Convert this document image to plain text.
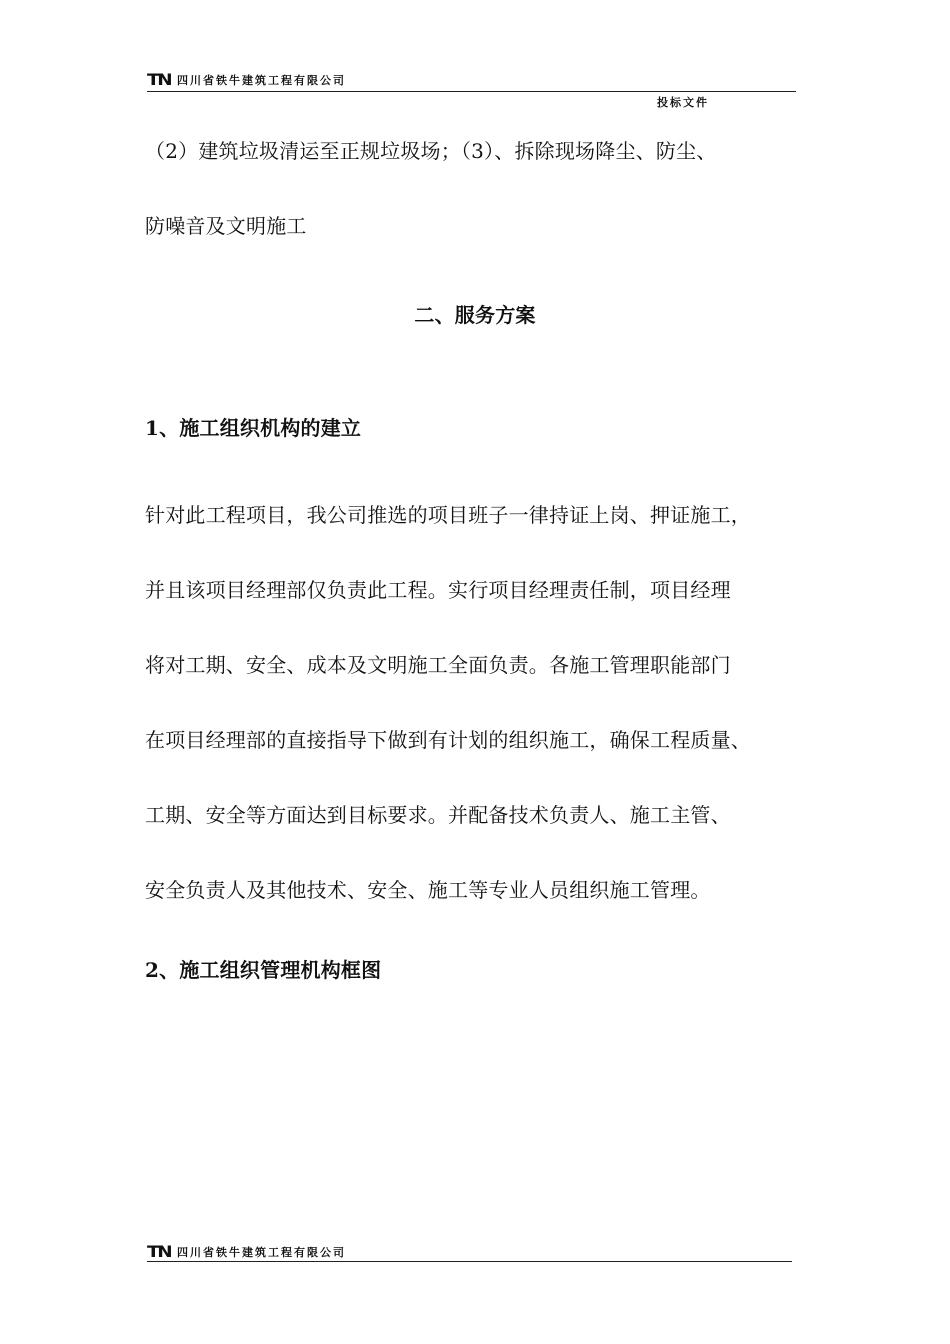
TN 四川省铁牛建筑工程有限公司
投标文件
（2）建筑垃圾清运至正规垃圾场；（3）、拆除现场降尘、防尘、
防噪音及文明施工
二、服务方案
1、施工组织机构的建立
针对此工程项目，我公司推选的项目班子一律持证上岗、押证施工，
并且该项目经理部仅负责此工程。实行项目经理责任制，项目经理
将对工期、安全、成本及文明施工全面负责。各施工管理职能部门
在项目经理部的直接指导下做到有计划的组织施工，确保工程质量、
工期、安全等方面达到目标要求。并配备技术负责人、施工主管、
安全负责人及其他技术、安全、施工等专业人员组织施工管理。
2、施工组织管理机构框图
TN 四川省铁牛建筑工程有限公司
